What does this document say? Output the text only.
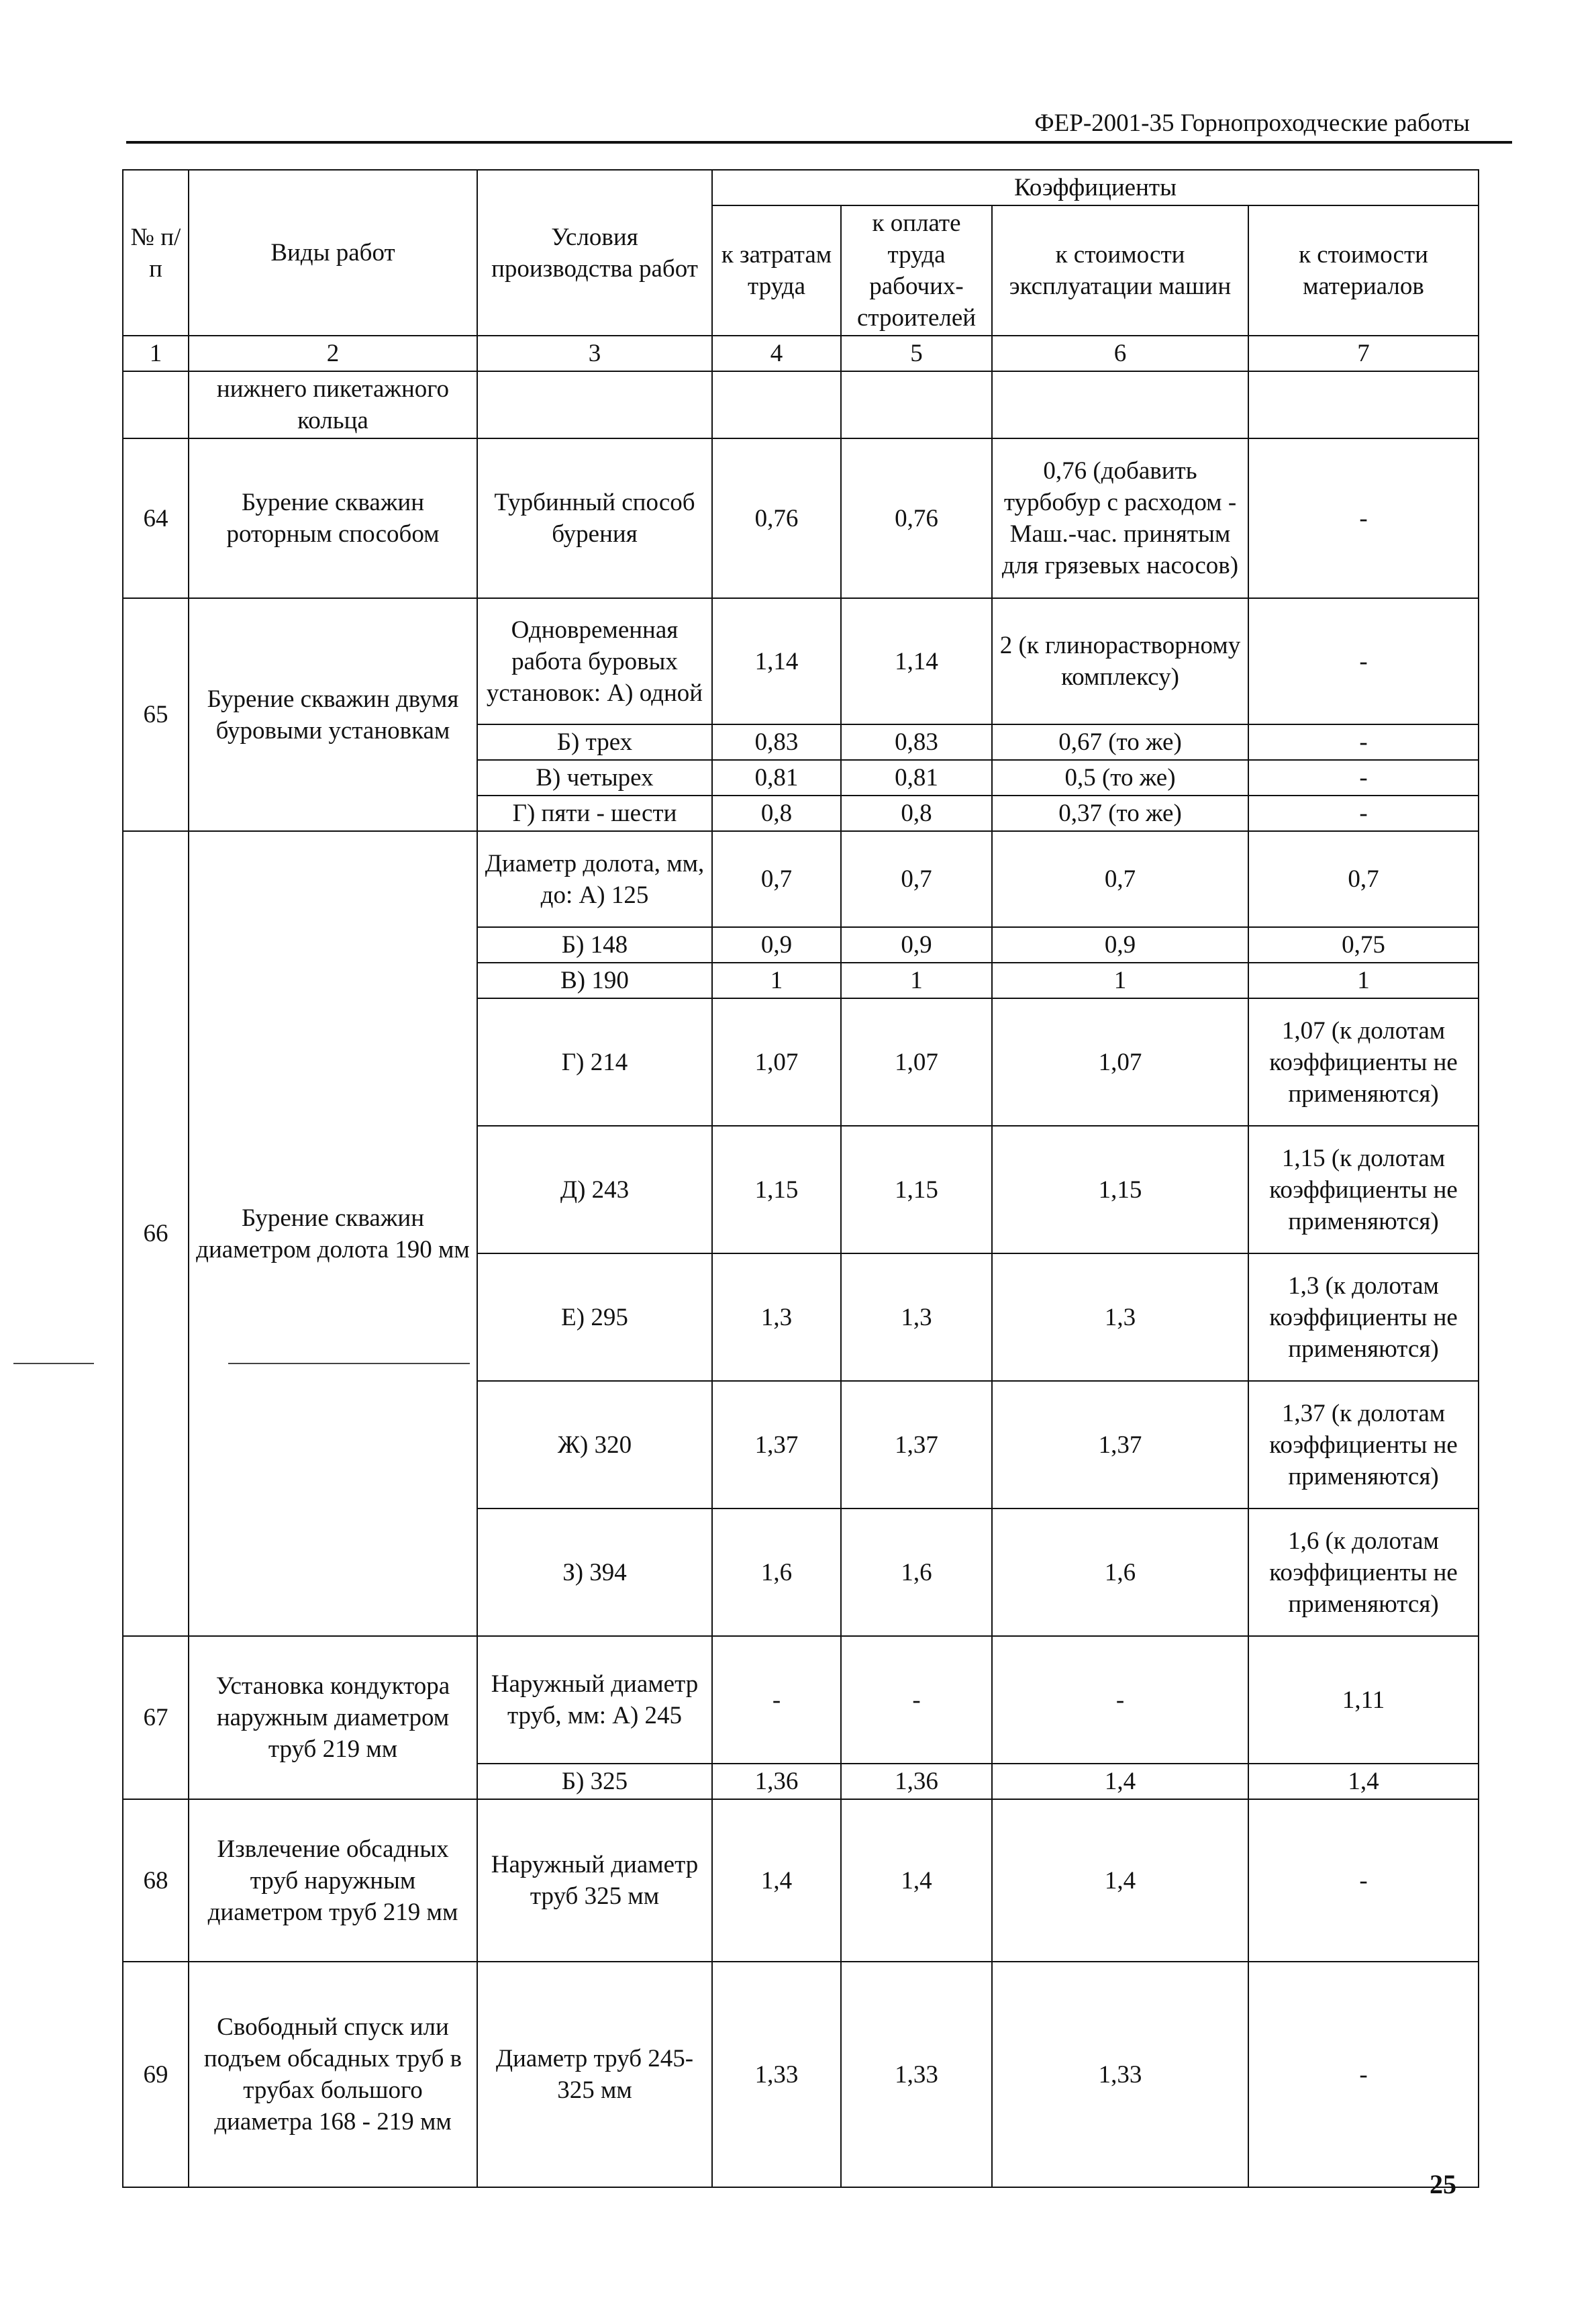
ФЕР-2001-35 Горнопроходческие работы
№ п/п	Виды работ	Условия производства работ	Коэффициенты			
			к затратам труда	к оплате труда рабочих-строителей	к стоимости эксплуатации машин	к стоимости материалов
1	2	3	4	5	6	7
	нижнего пикетажного кольца					
64	Бурение скважин роторным способом	Турбинный способ бурения	0,76	0,76	0,76 (добавить турбобур с расходом - Маш.-час. принятым для грязевых насосов)	-
65	Бурение скважин двумя буровыми установкам	Одновременная работа буровых установок: А) одной	1,14	1,14	2 (к глинорастворному комплексу)	-
		Б) трех	0,83	0,83	0,67 (то же)	-
		В) четырех	0,81	0,81	0,5 (то же)	-
		Г) пяти - шести	0,8	0,8	0,37 (то же)	-
66	Бурение скважин диаметром долота 190 мм	Диаметр долота, мм, до: А) 125	0,7	0,7	0,7	0,7
		Б) 148	0,9	0,9	0,9	0,75
		В) 190	1	1	1	1
		Г) 214	1,07	1,07	1,07	1,07 (к долотам коэффициенты не применяются)
		Д) 243	1,15	1,15	1,15	1,15 (к долотам коэффициенты не применяются)
		Е) 295	1,3	1,3	1,3	1,3 (к долотам коэффициенты не применяются)
		Ж) 320	1,37	1,37	1,37	1,37 (к долотам коэффициенты не применяются)
		З) 394	1,6	1,6	1,6	1,6 (к долотам коэффициенты не применяются)
67	Установка кондуктора наружным диаметром труб 219 мм	Наружный диаметр труб, мм: А) 245	-	-	-	1,11
		Б) 325	1,36	1,36	1,4	1,4
68	Извлечение обсадных труб наружным диаметром труб 219 мм	Наружный диаметр труб 325 мм	1,4	1,4	1,4	-
69	Свободный спуск или подъем обсадных труб в трубах большого диаметра 168 - 219 мм	Диаметр труб 245-325 мм	1,33	1,33	1,33	-
25
